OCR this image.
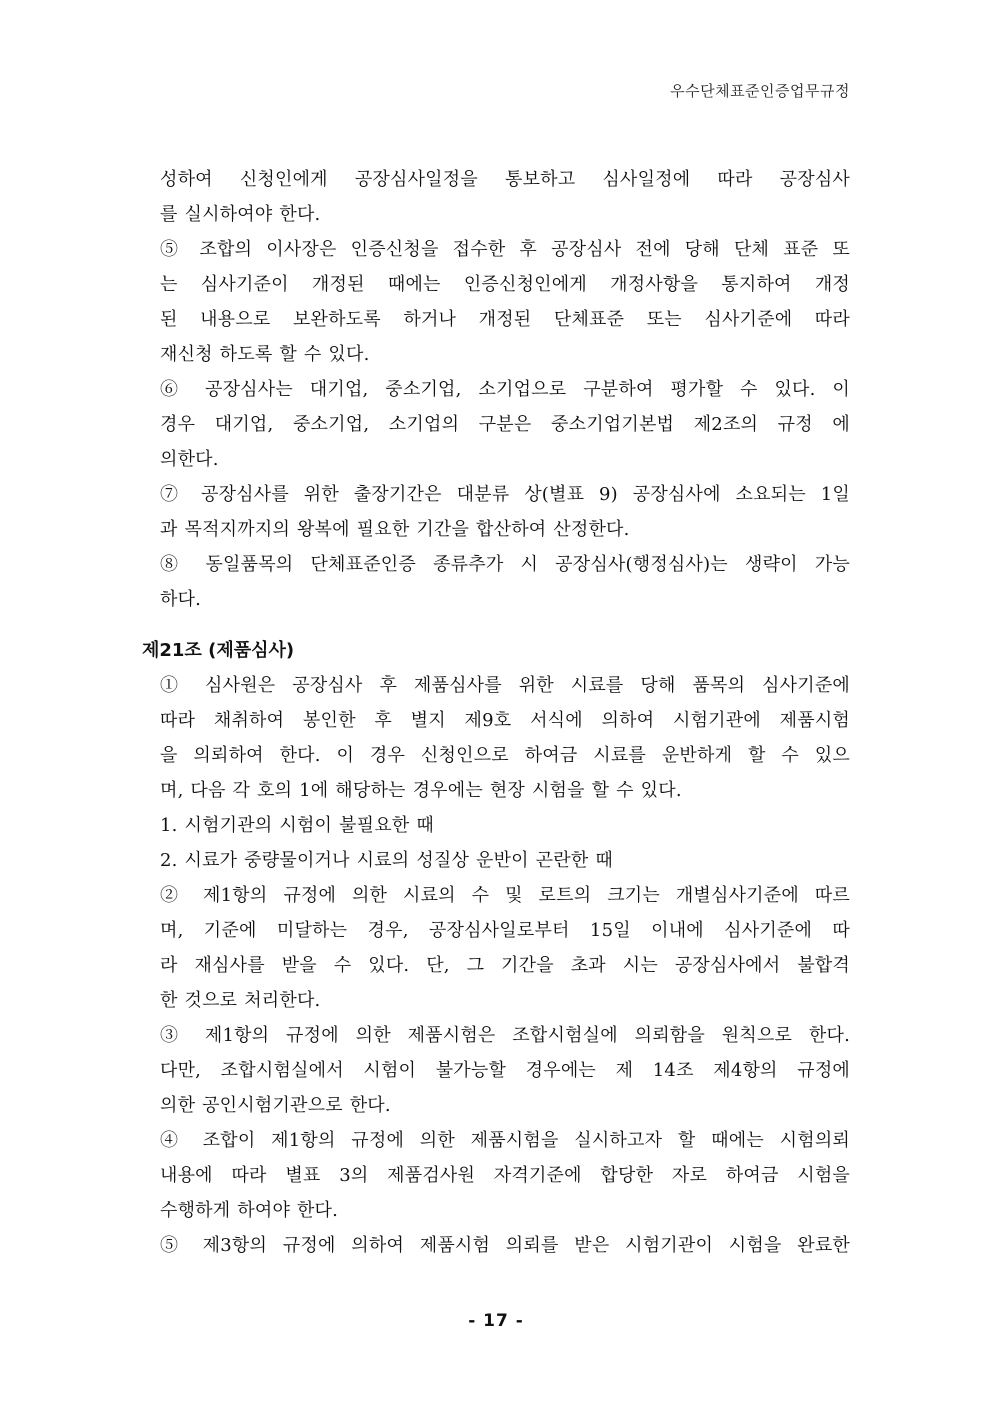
우수단체표준인증업무규정
성하여 신청인에게 공장심사일정을 통보하고 심사일정에 따라 공장심사
를 실시하여야 한다.
⑤ 조합의 이사장은 인증신청을 접수한 후 공장심사 전에 당해 단체 표준 또
는 심사기준이 개정된 때에는 인증신청인에게 개정사항을 통지하여 개정
된 내용으로 보완하도록 하거나 개정된 단체표준 또는 심사기준에 따라
재신청 하도록 할 수 있다.
⑥ 공장심사는 대기업, 중소기업, 소기업으로 구분하여 평가할 수 있다. 이
경우 대기업, 중소기업, 소기업의 구분은 중소기업기본법 제2조의 규정 에
의한다.
⑦ 공장심사를 위한 출장기간은 대분류 상(별표 9) 공장심사에 소요되는 1일
과 목적지까지의 왕복에 필요한 기간을 합산하여 산정한다.
⑧ 동일품목의 단체표준인증 종류추가 시 공장심사(행정심사)는 생략이 가능
하다.
제21조 (제품심사)
① 심사원은 공장심사 후 제품심사를 위한 시료를 당해 품목의 심사기준에
따라 채취하여 봉인한 후 별지 제9호 서식에 의하여 시험기관에 제품시험
을 의뢰하여 한다. 이 경우 신청인으로 하여금 시료를 운반하게 할 수 있으
며, 다음 각 호의 1에 해당하는 경우에는 현장 시험을 할 수 있다.
1. 시험기관의 시험이 불필요한 때
2. 시료가 중량물이거나 시료의 성질상 운반이 곤란한 때
② 제1항의 규정에 의한 시료의 수 및 로트의 크기는 개별심사기준에 따르
며, 기준에 미달하는 경우, 공장심사일로부터 15일 이내에 심사기준에 따
라 재심사를 받을 수 있다. 단, 그 기간을 초과 시는 공장심사에서 불합격
한 것으로 처리한다.
③ 제1항의 규정에 의한 제품시험은 조합시험실에 의뢰함을 원칙으로 한다.
다만, 조합시험실에서 시험이 불가능할 경우에는 제 14조 제4항의 규정에
의한 공인시험기관으로 한다.
④ 조합이 제1항의 규정에 의한 제품시험을 실시하고자 할 때에는 시험의뢰
내용에 따라 별표 3의 제품검사원 자격기준에 합당한 자로 하여금 시험을
수행하게 하여야 한다.
⑤ 제3항의 규정에 의하여 제품시험 의뢰를 받은 시험기관이 시험을 완료한
- 17 -
